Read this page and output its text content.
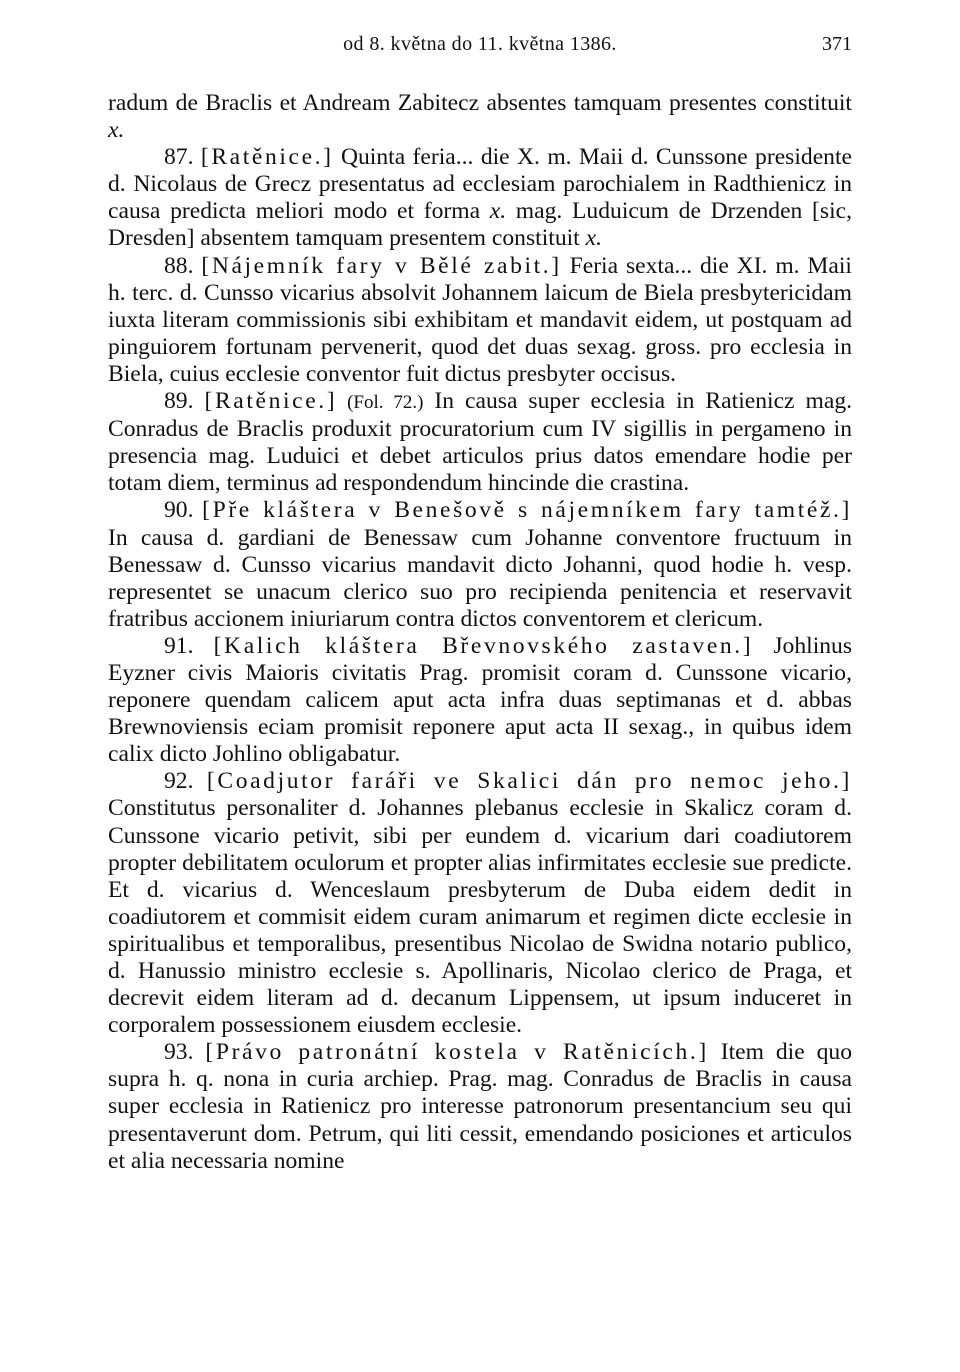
od 8. května do 11. května 1386.	371

radum de Braclis et Andream Zabitecz absentes tamquam presentes constituit x.

87. [Ratěnice.] Quinta feria... die X. m. Maii d. Cunssone presidente d. Nicolaus de Grecz presentatus ad ecclesiam parochialem in Radthienicz in causa predicta meliori modo et forma x. mag. Luduicum de Drzenden [sic, Dresden] absentem tamquam presentem constituit x.

88. [Nájemník fary v Bělé zabit.] Feria sexta... die XI. m. Maii h. terc. d. Cunsso vicarius absolvit Johannem laicum de Biela presbytericidam iuxta literam commissionis sibi exhibitam et mandavit eidem, ut postquam ad pinguiorem fortunam pervenerit, quod det duas sexag. gross. pro ecclesia in Biela, cuius ecclesie conventor fuit dictus presbyter occisus.

89. [Ratěnice.] (Fol. 72.) In causa super ecclesia in Ratienicz mag. Conradus de Braclis produxit procuratorium cum IV sigillis in pergameno in presencia mag. Luduici et debet articulos prius datos emendare hodie per totam diem, terminus ad respondendum hincinde die crastina.

90. [Pře kláštera v Benešově s nájemníkem fary tamtéž.] In causa d. gardiani de Benessaw cum Johanne conventore fructuum in Benessaw d. Cunsso vicarius mandavit dicto Johanni, quod hodie h. vesp. representet se unacum clerico suo pro recipienda penitencia et reservavit fratribus accionem iniuriarum contra dictos conventorem et clericum.

91. [Kalich kláštera Břevnovského zastaven.] Johlinus Eyzner civis Maioris civitatis Prag. promisit coram d. Cunssone vicario, reponere quendam calicem aput acta infra duas septimanas et d. abbas Brewnoviensis eciam promisit reponere aput acta II sexag., in quibus idem calix dicto Johlino obligabatur.

92. [Coadjutor faráři ve Skalici dán pro nemoc jeho.] Constitutus personaliter d. Johannes plebanus ecclesie in Skalicz coram d. Cunssone vicario petivit, sibi per eundem d. vicarium dari coadiutorem propter debilitatem oculorum et propter alias infirmitates ecclesie sue predicte. Et d. vicarius d. Wenceslaum presbyterum de Duba eidem dedit in coadiutorem et commisit eidem curam animarum et regimen dicte ecclesie in spiritualibus et temporalibus, presentibus Nicolao de Swidna notario publico, d. Hanussio ministro ecclesie s. Apollinaris, Nicolao clerico de Praga, et decrevit eidem literam ad d. decanum Lippensem, ut ipsum induceret in corporalem possessionem eiusdem ecclesie.

93. [Právo patronátní kostela v Ratěnicích.] Item die quo supra h. q. nona in curia archiep. Prag. mag. Conradus de Braclis in causa super ecclesia in Ratienicz pro interesse patronorum presentancium seu qui presentaverunt dom. Petrum, qui liti cessit, emendando posiciones et articulos et alia necessaria nomine
